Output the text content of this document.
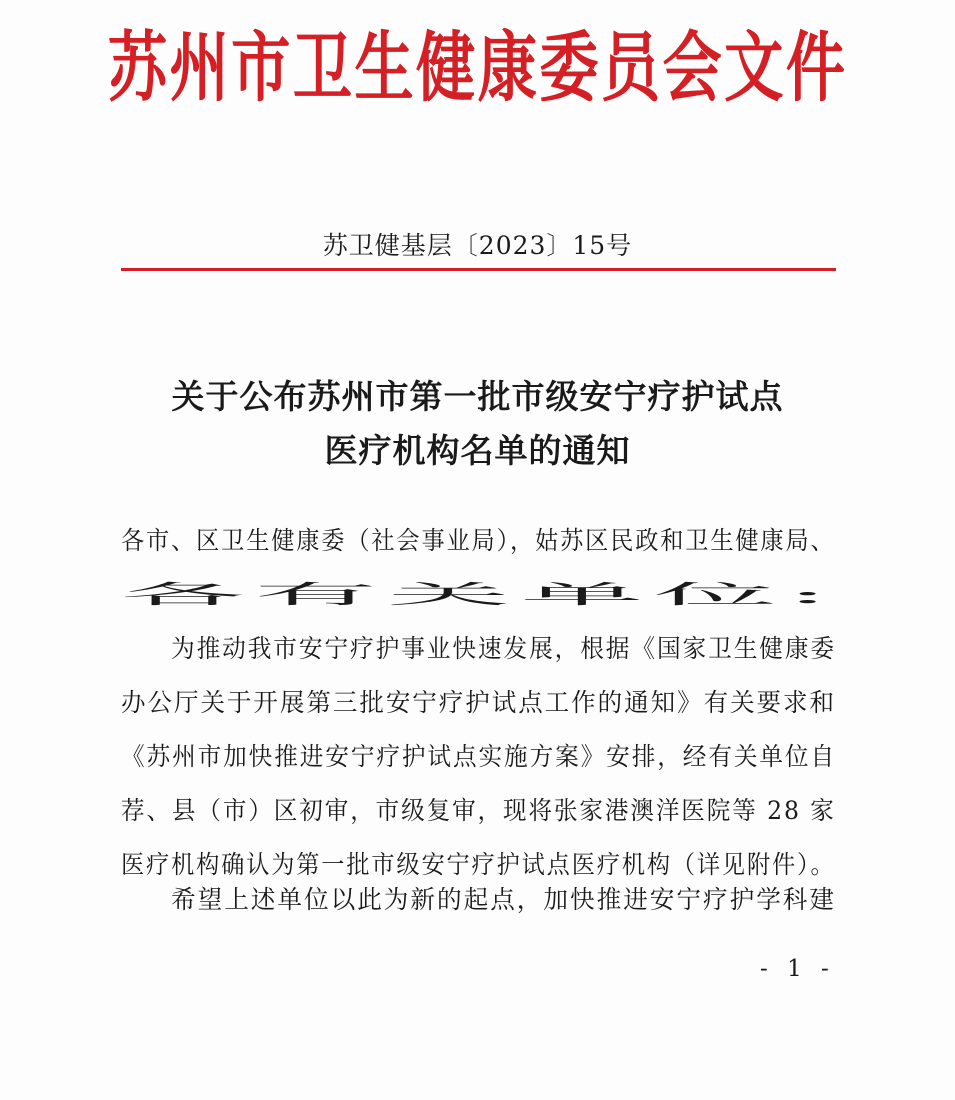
苏州市卫生健康委员会文件
苏卫健基层〔2023〕15号
关于公布苏州市第一批市级安宁疗护试点
医疗机构名单的通知
各市、区卫生健康委（社会事业局），姑苏区民政和卫生健康局、
各有关单位:
为推动我市安宁疗护事业快速发展，根据《国家卫生健康委
办公厅关于开展第三批安宁疗护试点工作的通知》有关要求和
《苏州市加快推进安宁疗护试点实施方案》安排，经有关单位自
荐、县（市）区初审，市级复审，现将张家港澳洋医院等 28 家
医疗机构确认为第一批市级安宁疗护试点医疗机构（详见附件）。
希望上述单位以此为新的起点，加快推进安宁疗护学科建
- 1 -
